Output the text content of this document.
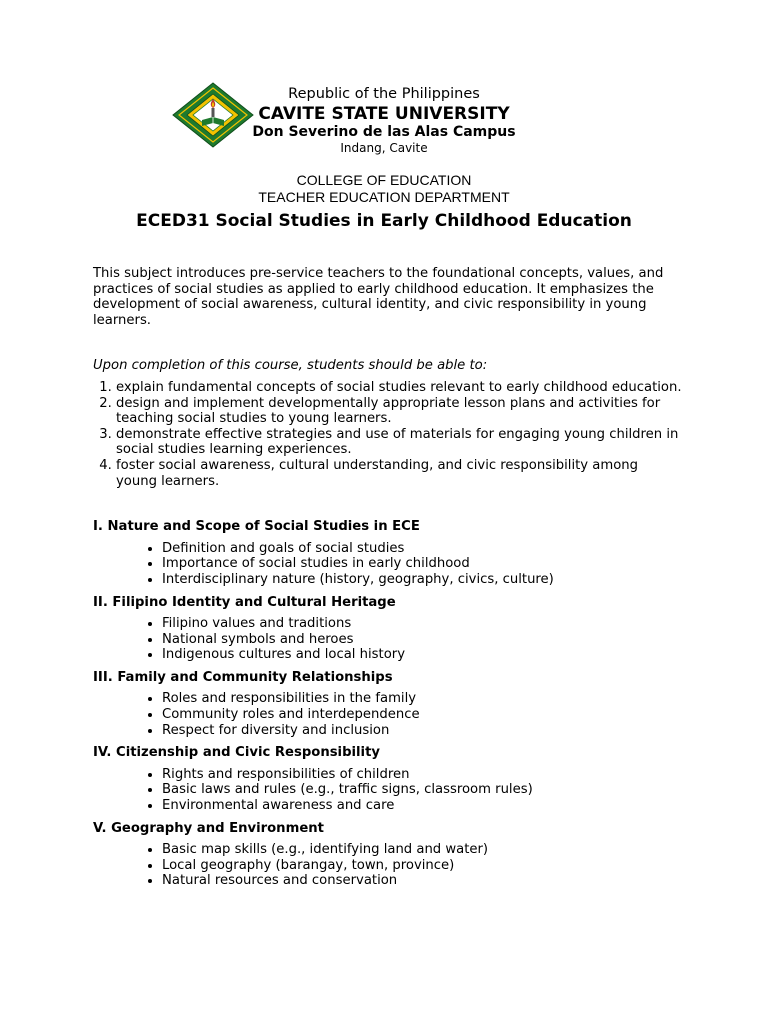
Republic of the Philippines
CAVITE STATE UNIVERSITY
Don Severino de las Alas Campus
Indang, Cavite
COLLEGE OF EDUCATION
TEACHER EDUCATION DEPARTMENT
ECED31 Social Studies in Early Childhood Education

This subject introduces pre-service teachers to the foundational concepts, values, and practices of social studies as applied to early childhood education. It emphasizes the development of social awareness, cultural identity, and civic responsibility in young learners.

Upon completion of this course, students should be able to:

1. explain fundamental concepts of social studies relevant to early childhood education.
2. design and implement developmentally appropriate lesson plans and activities for teaching social studies to young learners.
3. demonstrate effective strategies and use of materials for engaging young children in social studies learning experiences.
4. foster social awareness, cultural understanding, and civic responsibility among young learners.
I. Nature and Scope of Social Studies in ECE
• Definition and goals of social studies
• Importance of social studies in early childhood
• Interdisciplinary nature (history, geography, civics, culture)
II. Filipino Identity and Cultural Heritage
• Filipino values and traditions
• National symbols and heroes
• Indigenous cultures and local history
III. Family and Community Relationships
• Roles and responsibilities in the family
• Community roles and interdependence
• Respect for diversity and inclusion
IV. Citizenship and Civic Responsibility
• Rights and responsibilities of children
• Basic laws and rules (e.g., traffic signs, classroom rules)
• Environmental awareness and care
V. Geography and Environment
• Basic map skills (e.g., identifying land and water)
• Local geography (barangay, town, province)
• Natural resources and conservation
